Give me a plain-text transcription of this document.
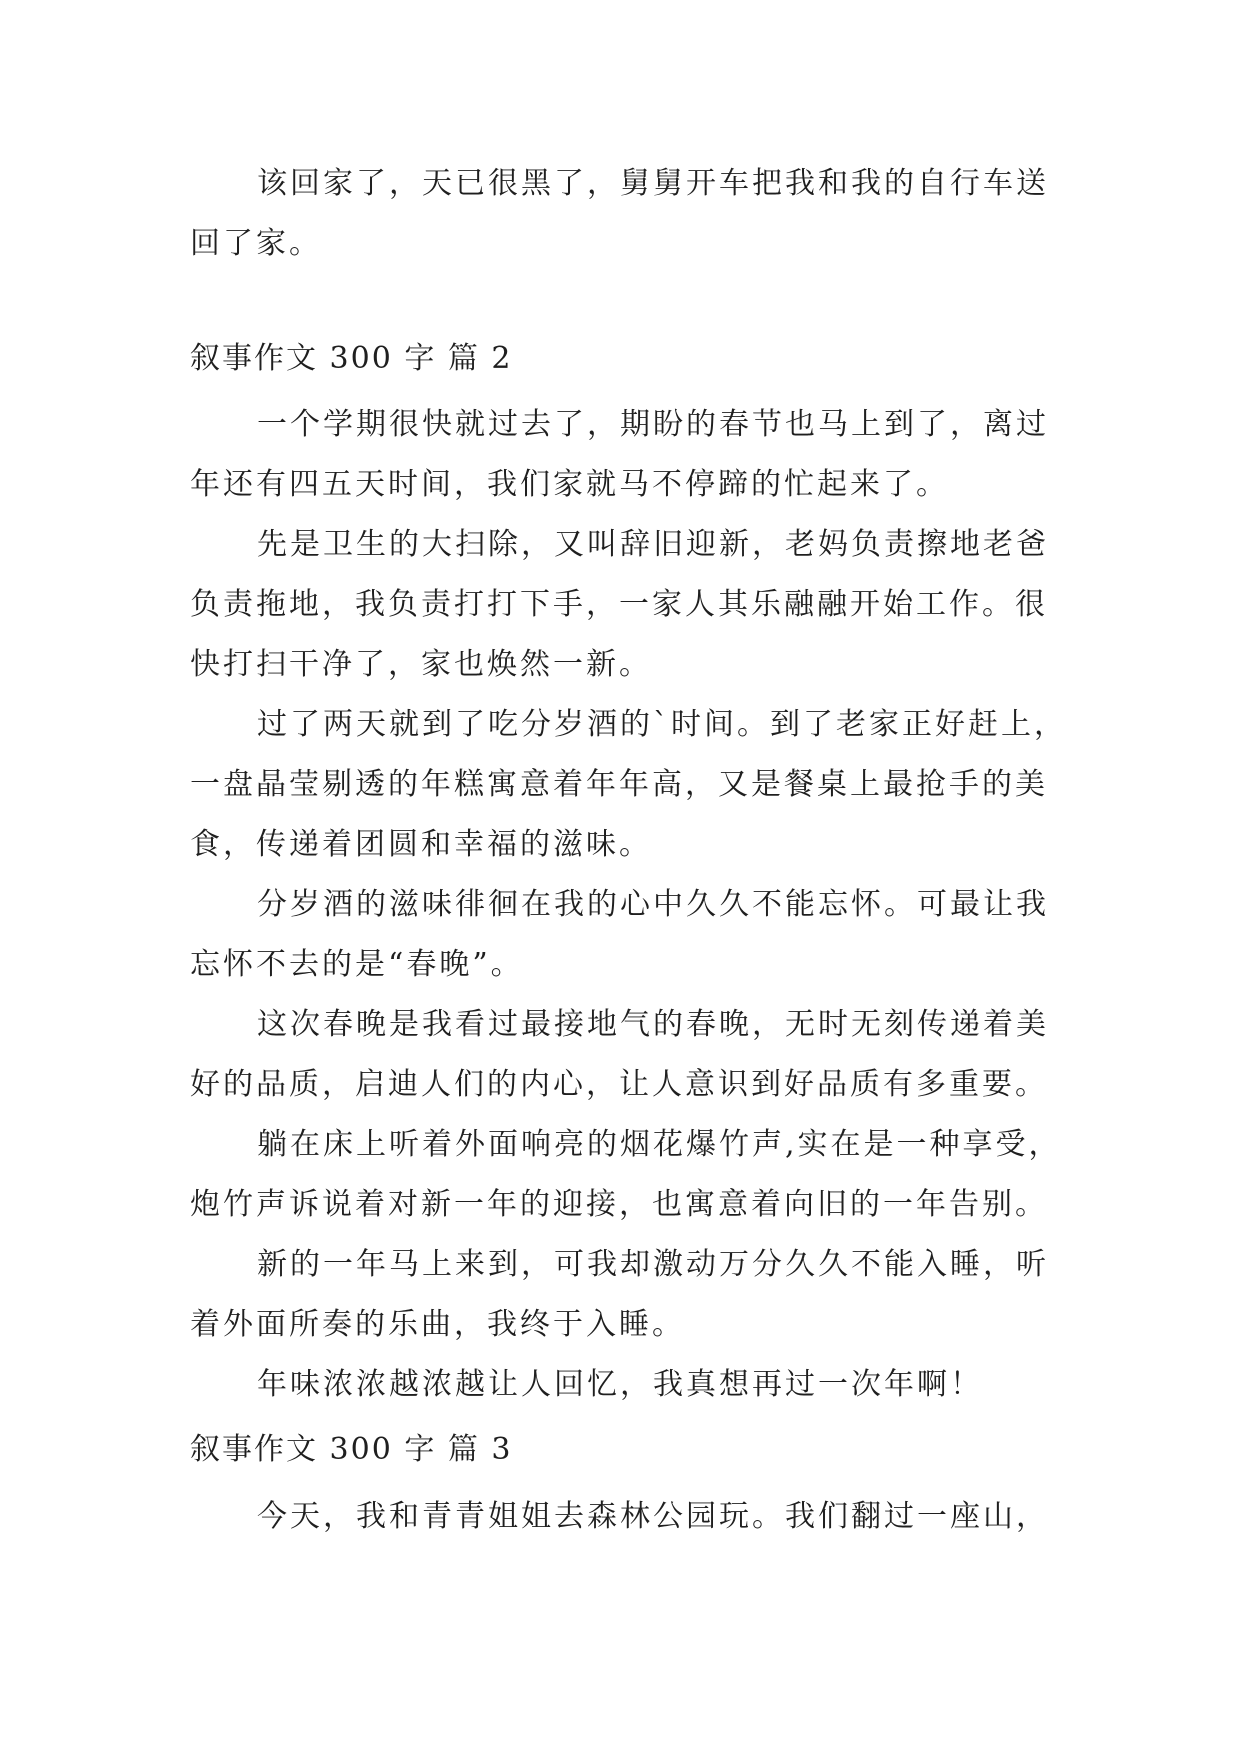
该回家了，天已很黑了，舅舅开车把我和我的自行车送
回了家。
叙事作文 300 字 篇 2
一个学期很快就过去了，期盼的春节也马上到了，离过
年还有四五天时间，我们家就马不停蹄的忙起来了。
先是卫生的大扫除，又叫辞旧迎新，老妈负责擦地老爸
负责拖地，我负责打打下手，一家人其乐融融开始工作。很
快打扫干净了，家也焕然一新。
过了两天就到了吃分岁酒的`时间。到了老家正好赶上，
一盘晶莹剔透的年糕寓意着年年高，又是餐桌上最抢手的美
食，传递着团圆和幸福的滋味。
分岁酒的滋味徘徊在我的心中久久不能忘怀。可最让我
忘怀不去的是“春晚”。
这次春晚是我看过最接地气的春晚，无时无刻传递着美
好的品质，启迪人们的内心，让人意识到好品质有多重要。
躺在床上听着外面响亮的烟花爆竹声,实在是一种享受，
炮竹声诉说着对新一年的迎接，也寓意着向旧的一年告别。
新的一年马上来到，可我却激动万分久久不能入睡，听
着外面所奏的乐曲，我终于入睡。
年味浓浓越浓越让人回忆，我真想再过一次年啊！
叙事作文 300 字 篇 3
今天，我和青青姐姐去森林公园玩。我们翻过一座山，
